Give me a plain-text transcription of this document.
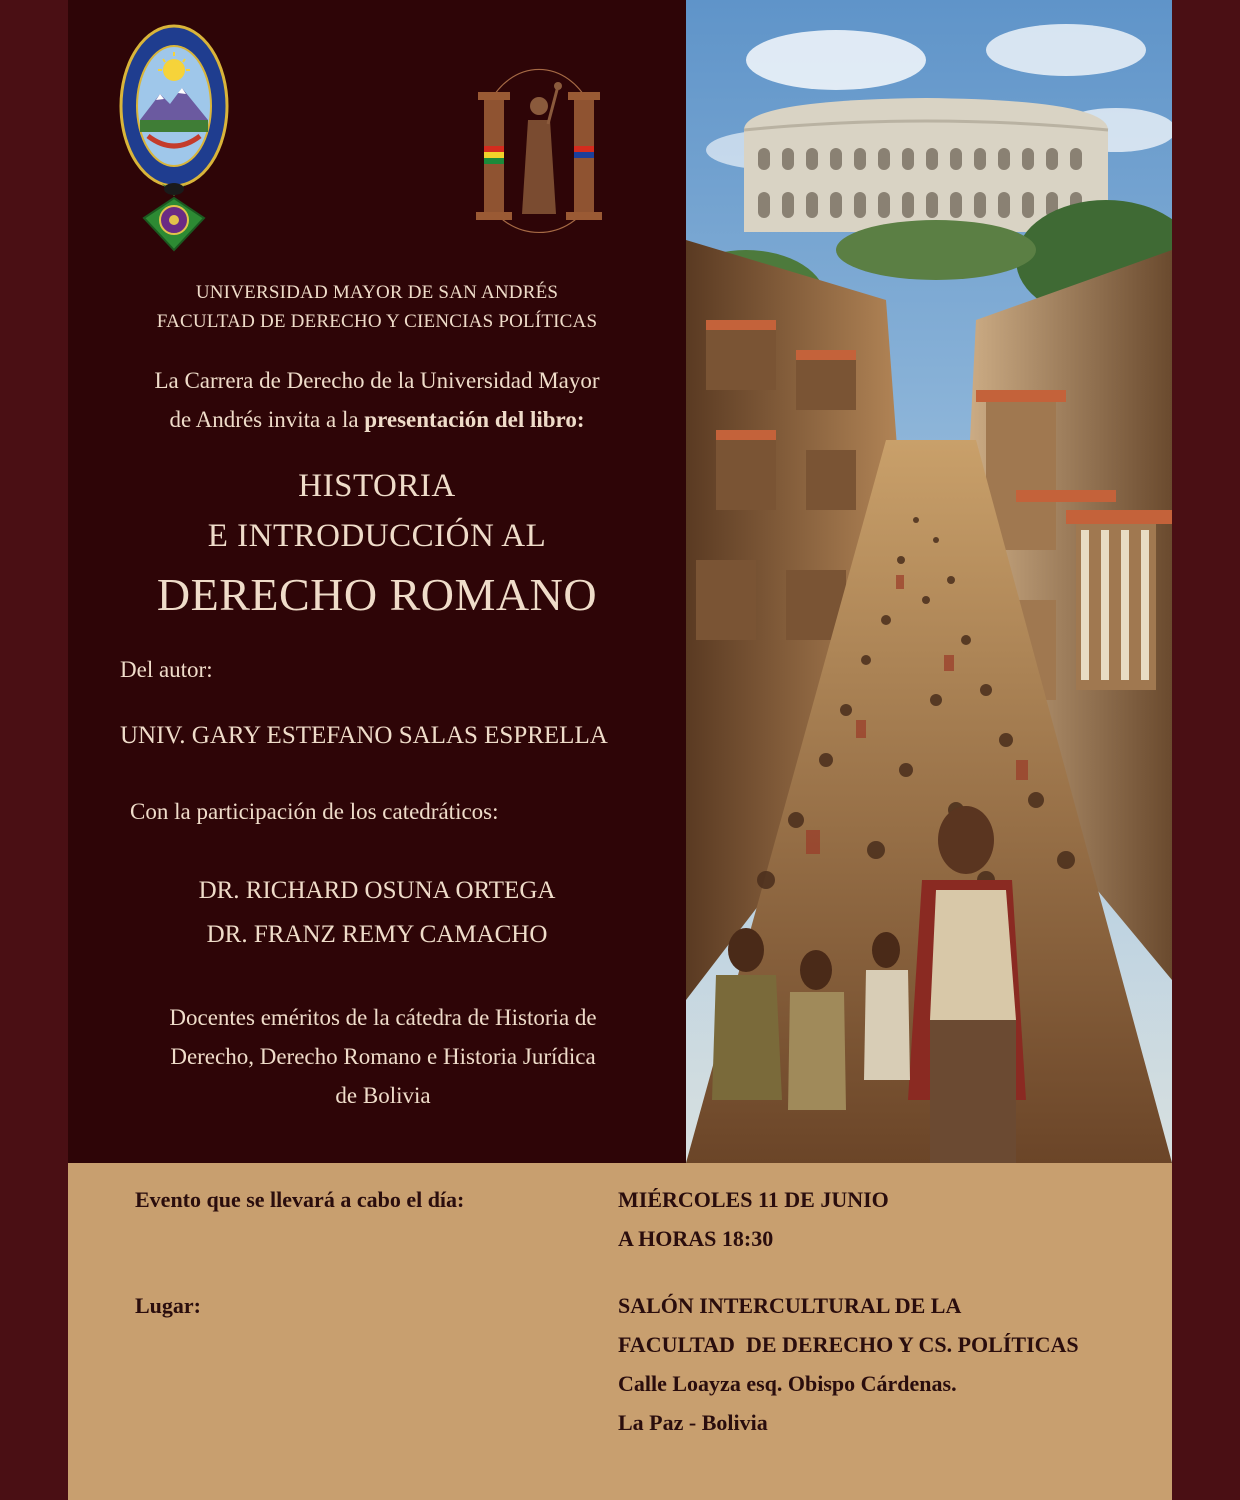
UNIVERSIDAD MAYOR DE SAN ANDRÉS
FACULTAD DE DERECHO Y CIENCIAS POLÍTICAS
La Carrera de Derecho de la Universidad Mayor
de Andrés invita a la presentación del libro:
HISTORIA
E INTRODUCCIÓN AL
DERECHO ROMANO
Del autor:
UNIV. GARY ESTEFANO SALAS ESPRELLA
Con la participación de los catedráticos:
DR. RICHARD OSUNA ORTEGA
DR. FRANZ REMY CAMACHO
Docentes eméritos de la cátedra de Historia de
Derecho, Derecho Romano e Historia Jurídica
de Bolivia
Evento que se llevará a cabo el día:	MIÉRCOLES 11 DE JUNIO
A HORAS 18:30
Lugar:	SALÓN INTERCULTURAL DE LA
FACULTAD  DE DERECHO Y CS. POLÍTICAS
Calle Loayza esq. Obispo Cárdenas.
La Paz - Bolivia
